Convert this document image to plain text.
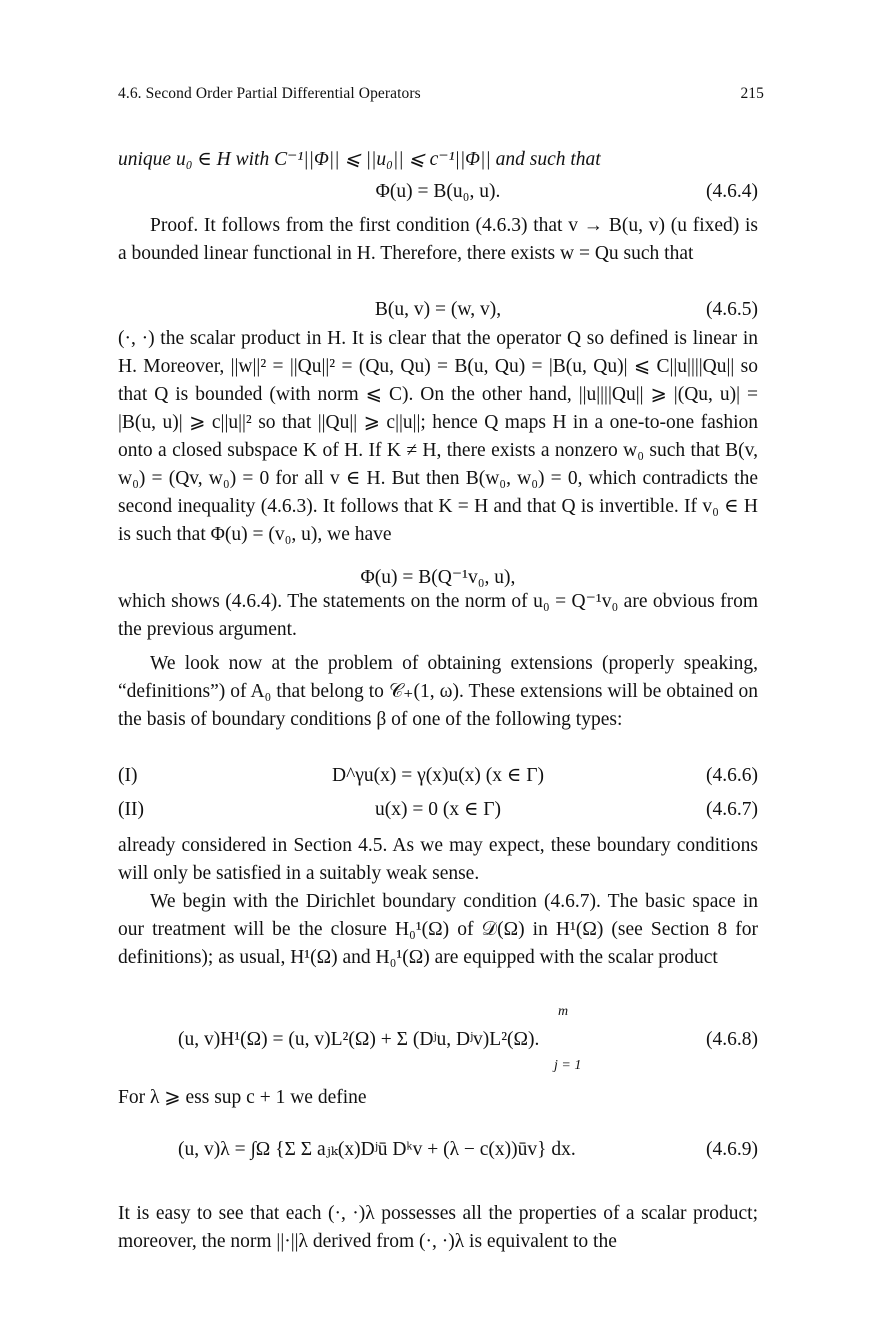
4.6. Second Order Partial Differential Operators	215

unique u₀ ∈ H with C⁻¹||Φ|| ⩽ ||u₀|| ⩽ c⁻¹||Φ|| and such that

Φ(u) = B(u₀, u).	(4.6.4)

Proof. It follows from the first condition (4.6.3) that v → B(u, v) (u fixed) is a bounded linear functional in H. Therefore, there exists w = Qu such that

B(u, v) = (w, v),	(4.6.5)

(·, ·) the scalar product in H. It is clear that the operator Q so defined is linear in H. Moreover, ||w||² = ||Qu||² = (Qu, Qu) = B(u, Qu) = |B(u, Qu)| ⩽ C||u||||Qu|| so that Q is bounded (with norm ⩽ C). On the other hand, ||u||||Qu|| ⩾ |(Qu, u)| = |B(u, u)| ⩾ c||u||² so that ||Qu|| ⩾ c||u||; hence Q maps H in a one-to-one fashion onto a closed subspace K of H. If K ≠ H, there exists a nonzero w₀ such that B(v, w₀) = (Qv, w₀) = 0 for all v ∈ H. But then B(w₀, w₀) = 0, which contradicts the second inequality (4.6.3). It follows that K = H and that Q is invertible. If v₀ ∈ H is such that Φ(u) = (v₀, u), we have

Φ(u) = B(Q⁻¹v₀, u),

which shows (4.6.4). The statements on the norm of u₀ = Q⁻¹v₀ are obvious from the previous argument.

We look now at the problem of obtaining extensions (properly speaking, “definitions”) of A₀ that belong to 𝒞₊(1, ω). These extensions will be obtained on the basis of boundary conditions β of one of the following types:

(I)	D^γu(x) = γ(x)u(x) (x ∈ Γ)	(4.6.6)
(II)	u(x) = 0 (x ∈ Γ)	(4.6.7)

already considered in Section 4.5. As we may expect, these boundary conditions will only be satisfied in a suitably weak sense.

We begin with the Dirichlet boundary condition (4.6.7). The basic space in our treatment will be the closure H₀¹(Ω) of 𝒟(Ω) in H¹(Ω) (see Section 8 for definitions); as usual, H¹(Ω) and H₀¹(Ω) are equipped with the scalar product

m
(u, v)H¹(Ω) = (u, v)L²(Ω) + Σ (Dʲu, Dʲv)L²(Ω).
j = 1
(4.6.8)

For λ ⩾ ess sup c + 1 we define

(u, v)λ = ∫Ω {Σ Σ aⱼₖ(x)Dʲū Dᵏv + (λ − c(x))ūv} dx.	(4.6.9)

It is easy to see that each (·, ·)λ possesses all the properties of a scalar product; moreover, the norm ||·||λ derived from (·, ·)λ is equivalent to the
